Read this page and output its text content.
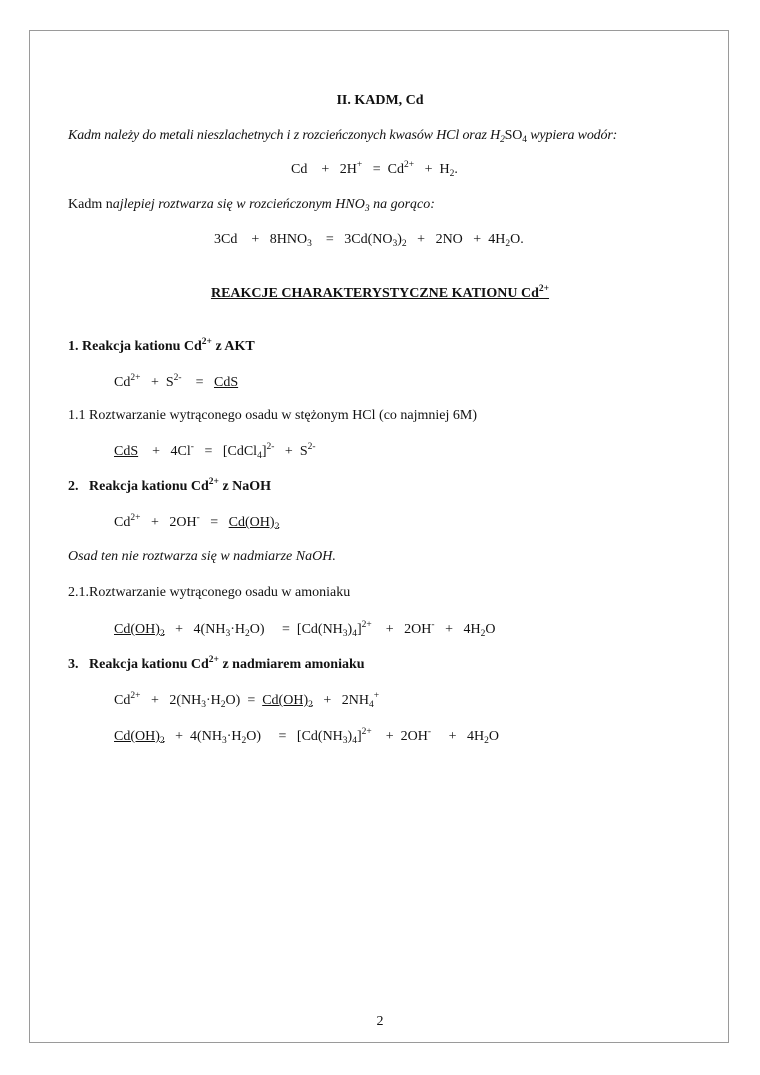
II. KADM, Cd
Kadm należy do metali nieszlachetnych i z rozcieńczonych kwasów HCl oraz $H_2SO_4$ wypiera wodór:
$Cd + 2H^+ = Cd^{2+} + H_2$.
Kadm najlepiej roztwarza się w rozcieńczonym $HNO_3$ na gorąco:
3Cd    +   $8HNO_3$    =   $3Cd(NO_3)_2 + 2NO + 4H_2O$.
REAKCJE CHARAKTERYSTYCZNE KATIONU $Cd^{2+}$
1. Reakcja kationu $Cd^{2+}$ z AKT
$Cd^{2+} + S^{2-}$    =   CdS
1.1 Roztwarzanie wytrąconego osadu w stężonym HCl (co najmniej 6M)
CdS    +   4Cl-   =   [CdCl$_4$]$^{2-}$   +  $S^{2-}$
2. Reakcja kationu $Cd^{2+}$ z NaOH
$Cd^{2+} + 2OH^- = Cd(OH)_2$
Osad ten nie roztwarza się w nadmiarze NaOH.
2.1.Roztwarzanie wytrąconego osadu w amoniaku
$Cd(OH)_2 + 4(NH_3\cdot H_2O)$     =  $[Cd(NH_3)_4]^{2+}$    +   $2OH^- + 4H_2O$
3. Reakcja kationu $Cd^{2+}$ z nadmiarem amoniaku
$Cd^{2+} + 2(NH_3\cdot H_2O) = Cd(OH)_2 + 2NH_4^+$
$Cd(OH)_2 + 4(NH_3\cdot H_2O)$     =   $[Cd(NH_3)_4]^{2+}$    +  2OH-     +   $4H_2O$
2
